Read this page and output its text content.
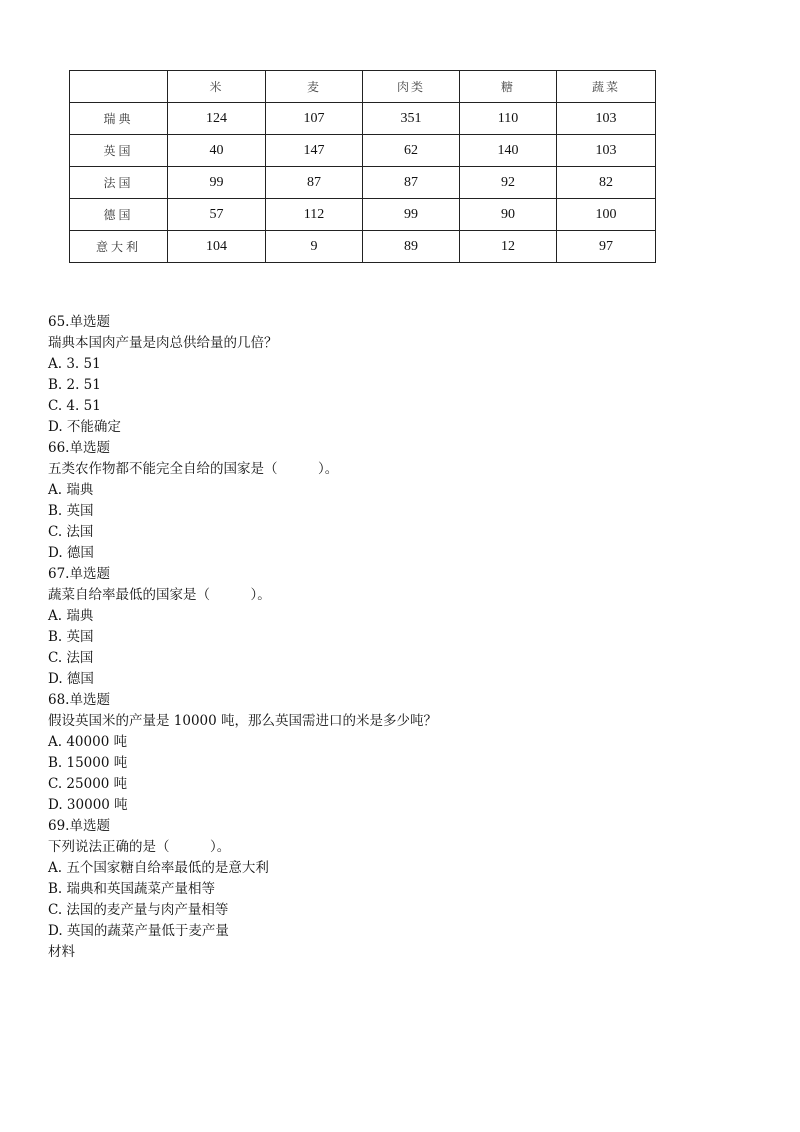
	米	麦	肉类	糖	蔬菜
瑞典	124	107	351	110	103
英国	40	147	62	140	103
法国	99	87	87	92	82
德国	57	112	99	90	100
意大利	104	9	89	12	97
65.单选题
瑞典本国肉产量是肉总供给量的几倍？
A. 3. 51
B. 2. 51
C. 4. 51
D. 不能确定
66.单选题
五类农作物都不能完全自给的国家是（　　　）。
A. 瑞典
B. 英国
C. 法国
D. 德国
67.单选题
蔬菜自给率最低的国家是（　　　）。
A. 瑞典
B. 英国
C. 法国
D. 德国
68.单选题
假设英国米的产量是 10000 吨，那么英国需进口的米是多少吨？
A. 40000 吨
B. 15000 吨
C. 25000 吨
D. 30000 吨
69.单选题
下列说法正确的是（　　　）。
A. 五个国家糖自给率最低的是意大利
B. 瑞典和英国蔬菜产量相等
C. 法国的麦产量与肉产量相等
D. 英国的蔬菜产量低于麦产量
材料
